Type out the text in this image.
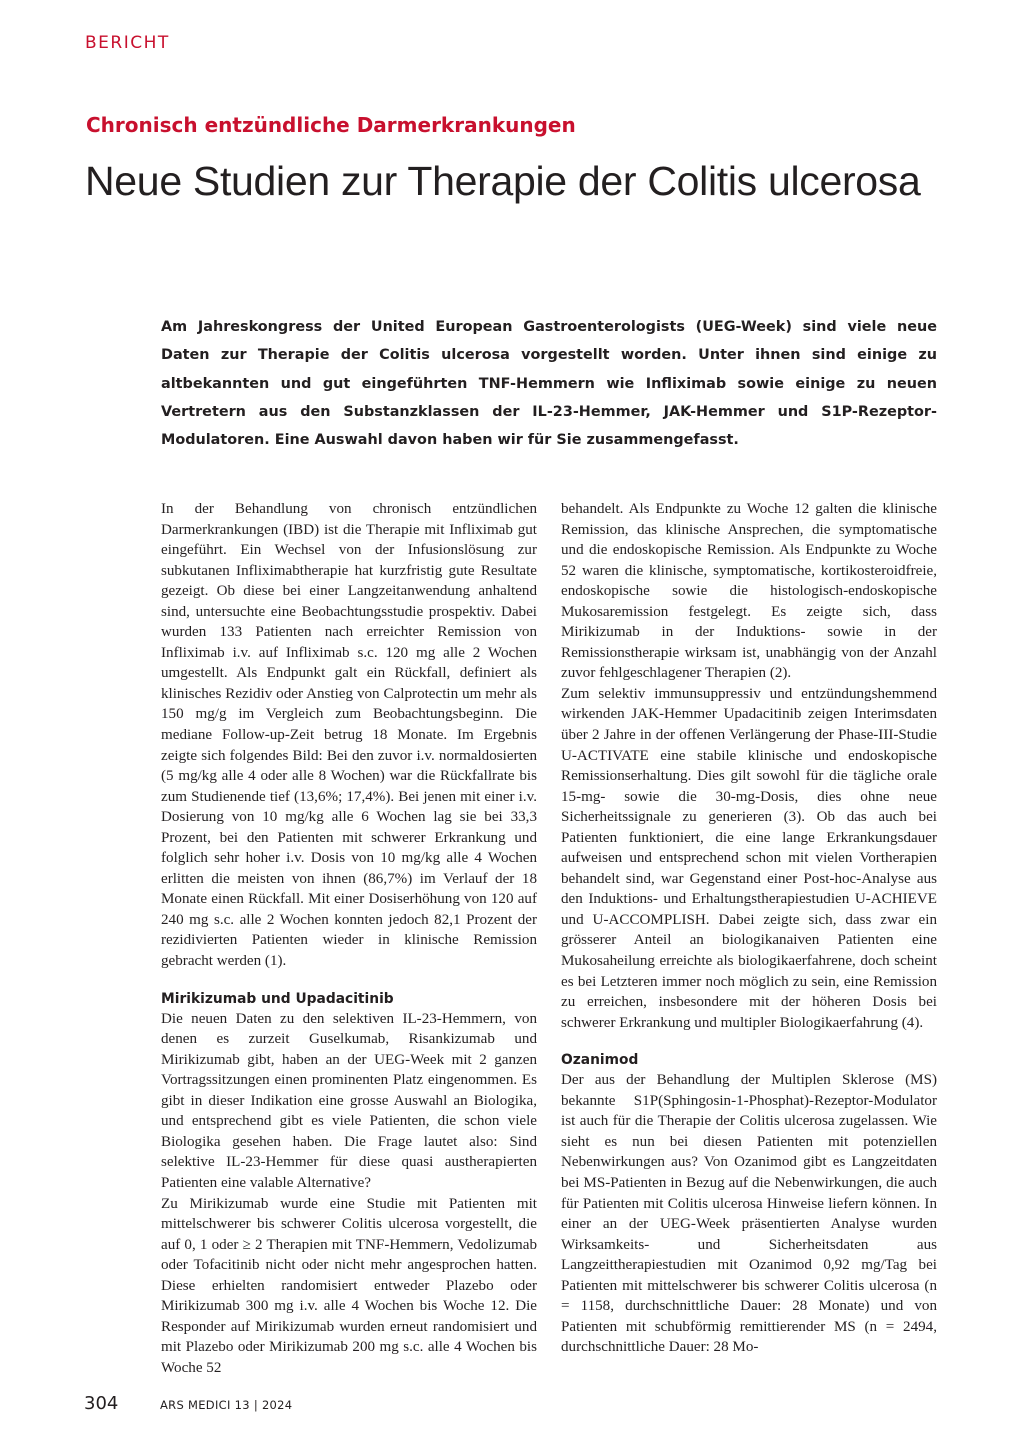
BERICHT
Chronisch entzündliche Darmerkrankungen
Neue Studien zur Therapie der Colitis ulcerosa

Am Jahreskongress der United European Gastroenterologists (UEG-Week) sind viele neue Daten zur Therapie der Colitis ulcerosa vorgestellt worden. Unter ihnen sind einige zu altbekannten und gut eingeführten TNF-Hemmern wie Infliximab sowie einige zu neuen Vertretern aus den Substanzklassen der IL-23-Hemmer, JAK-Hemmer und S1P-Rezeptor-Modulatoren. Eine Auswahl davon haben wir für Sie zusammengefasst.

In der Behandlung von chronisch entzündlichen Darmerkrankungen (IBD) ist die Therapie mit Infliximab gut eingeführt. Ein Wechsel von der Infusionslösung zur subkutanen Infliximabtherapie hat kurzfristig gute Resultate gezeigt. Ob diese bei einer Langzeitanwendung anhaltend sind, untersuchte eine Beobachtungsstudie prospektiv. Dabei wurden 133 Patienten nach erreichter Remission von Infliximab i.v. auf Infliximab s.c. 120 mg alle 2 Wochen umgestellt. Als Endpunkt galt ein Rückfall, definiert als klinisches Rezidiv oder Anstieg von Calprotectin um mehr als 150 mg/g im Vergleich zum Beobachtungsbeginn. Die mediane Follow-up-Zeit betrug 18 Monate. Im Ergebnis zeigte sich folgendes Bild: Bei den zuvor i.v. normaldosierten (5 mg/kg alle 4 oder alle 8 Wochen) war die Rückfallrate bis zum Studienende tief (13,6%; 17,4%). Bei jenen mit einer i.v. Dosierung von 10 mg/kg alle 6 Wochen lag sie bei 33,3 Prozent, bei den Patienten mit schwerer Erkrankung und folglich sehr hoher i.v. Dosis von 10 mg/kg alle 4 Wochen erlitten die meisten von ihnen (86,7%) im Verlauf der 18 Monate einen Rückfall. Mit einer Dosiserhöhung von 120 auf 240 mg s.c. alle 2 Wochen konnten jedoch 82,1 Prozent der rezidivierten Patienten wieder in klinische Remission gebracht werden (1).

Mirikizumab und Upadacitinib

Die neuen Daten zu den selektiven IL-23-Hemmern, von denen es zurzeit Guselkumab, Risankizumab und Mirikizumab gibt, haben an der UEG-Week mit 2 ganzen Vortragssitzungen einen prominenten Platz eingenommen. Es gibt in dieser Indikation eine grosse Auswahl an Biologika, und entsprechend gibt es viele Patienten, die schon viele Biologika gesehen haben. Die Frage lautet also: Sind selektive IL-23-Hemmer für diese quasi austherapierten Patienten eine valable Alternative?

Zu Mirikizumab wurde eine Studie mit Patienten mit mittelschwerer bis schwerer Colitis ulcerosa vorgestellt, die auf 0, 1 oder ≥ 2 Therapien mit TNF-Hemmern, Vedolizumab oder Tofacitinib nicht oder nicht mehr angesprochen hatten. Diese erhielten randomisiert entweder Plazebo oder Mirikizumab 300 mg i.v. alle 4 Wochen bis Woche 12. Die Responder auf Mirikizumab wurden erneut randomisiert und mit Plazebo oder Mirikizumab 200 mg s.c. alle 4 Wochen bis Woche 52

behandelt. Als Endpunkte zu Woche 12 galten die klinische Remission, das klinische Ansprechen, die symptomatische und die endoskopische Remission. Als Endpunkte zu Woche 52 waren die klinische, symptomatische, kortikosteroidfreie, endoskopische sowie die histologisch-endoskopische Mukosaremission festgelegt. Es zeigte sich, dass Mirikizumab in der Induktions- sowie in der Remissionstherapie wirksam ist, unabhängig von der Anzahl zuvor fehlgeschlagener Therapien (2).

Zum selektiv immunsuppressiv und entzündungshemmend wirkenden JAK-Hemmer Upadacitinib zeigen Interimsdaten über 2 Jahre in der offenen Verlängerung der Phase-III-Studie U-ACTIVATE eine stabile klinische und endoskopische Remissionserhaltung. Dies gilt sowohl für die tägliche orale 15-mg- sowie die 30-mg-Dosis, dies ohne neue Sicherheitssignale zu generieren (3). Ob das auch bei Patienten funktioniert, die eine lange Erkrankungsdauer aufweisen und entsprechend schon mit vielen Vortherapien behandelt sind, war Gegenstand einer Post-hoc-Analyse aus den Induktions- und Erhaltungstherapiestudien U-ACHIEVE und U-ACCOMPLISH. Dabei zeigte sich, dass zwar ein grösserer Anteil an biologikanaiven Patienten eine Mukosaheilung erreichte als biologikaerfahrene, doch scheint es bei Letzteren immer noch möglich zu sein, eine Remission zu erreichen, insbesondere mit der höheren Dosis bei schwerer Erkrankung und multipler Biologikaerfahrung (4).

Ozanimod

Der aus der Behandlung der Multiplen Sklerose (MS) bekannte S1P(Sphingosin-1-Phosphat)-Rezeptor-Modulator ist auch für die Therapie der Colitis ulcerosa zugelassen. Wie sieht es nun bei diesen Patienten mit potenziellen Nebenwirkungen aus? Von Ozanimod gibt es Langzeitdaten bei MS-Patienten in Bezug auf die Nebenwirkungen, die auch für Patienten mit Colitis ulcerosa Hinweise liefern können. In einer an der UEG-Week präsentierten Analyse wurden Wirksamkeits- und Sicherheitsdaten aus Langzeittherapiestudien mit Ozanimod 0,92 mg/Tag bei Patienten mit mittelschwerer bis schwerer Colitis ulcerosa (n = 1158, durchschnittliche Dauer: 28 Monate) und von Patienten mit schubförmig remittierender MS (n = 2494, durchschnittliche Dauer: 28 Mo-

304	ARS MEDICI 13 | 2024
